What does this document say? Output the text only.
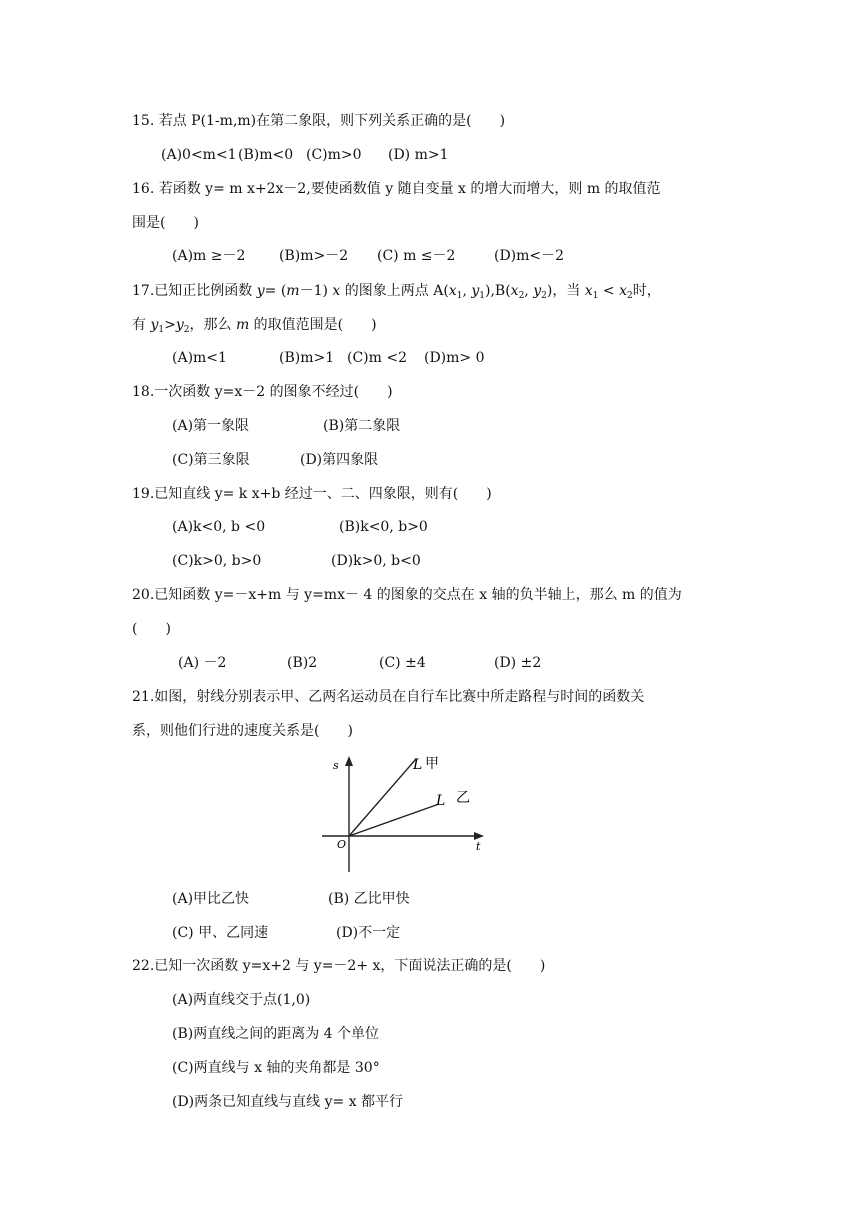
15. 若点 P(1-m,m)在第二象限，则下列关系正确的是(　　)
(A)0<m<1 (B)m<0 (C)m>0 (D) m>1
16. 若函数 y= m x+2x－2,要使函数值 y 随自变量 x 的增大而增大，则 m 的取值范
围是(　　)
(A)m ≥－2 (B)m>－2 (C) m ≤－2	(D)m<－2
17.已知正比例函数 y= (m－1) x 的图象上两点 $A(x_1$, $y_1),B(x_2$, $y_2$)，当 $x_1 < x_2$时，
有 $y_1>y_2$，那么 m 的取值范围是(　　)
(A)m<1	(B)m>1 (C)m <2 (D)m> 0
18.一次函数 y=x－2 的图象不经过(　　)
(A)第一象限	(B)第二象限
(C)第三象限	(D)第四象限
19.已知直线 y= k x+b 经过一、二、四象限，则有(　　)
(A)k<0, b <0	(B)k<0, b>0
(C)k>0, b>0	(D)k>0, b<0
20.已知函数 y=－x+m 与 y=mx－ 4 的图象的交点在 x 轴的负半轴上，那么 m 的值为
(　　)
(A) －2	(B)2	(C) ±4	(D) ±2
21.如图，射线分别表示甲、乙两名运动员在自行车比赛中所走路程与时间的函数关
系，则他们行进的速度关系是(　　)
s
t
O
L 甲
L 乙
(A)甲比乙快	(B) 乙比甲快
(C) 甲、乙同速	(D)不一定
22.已知一次函数 y=x+2 与 y=－2+ x，下面说法正确的是(　　)
(A)两直线交于点(1,0)
(B)两直线之间的距离为 4 个单位
(C)两直线与 x 轴的夹角都是 30°
(D)两条已知直线与直线 y= x 都平行
